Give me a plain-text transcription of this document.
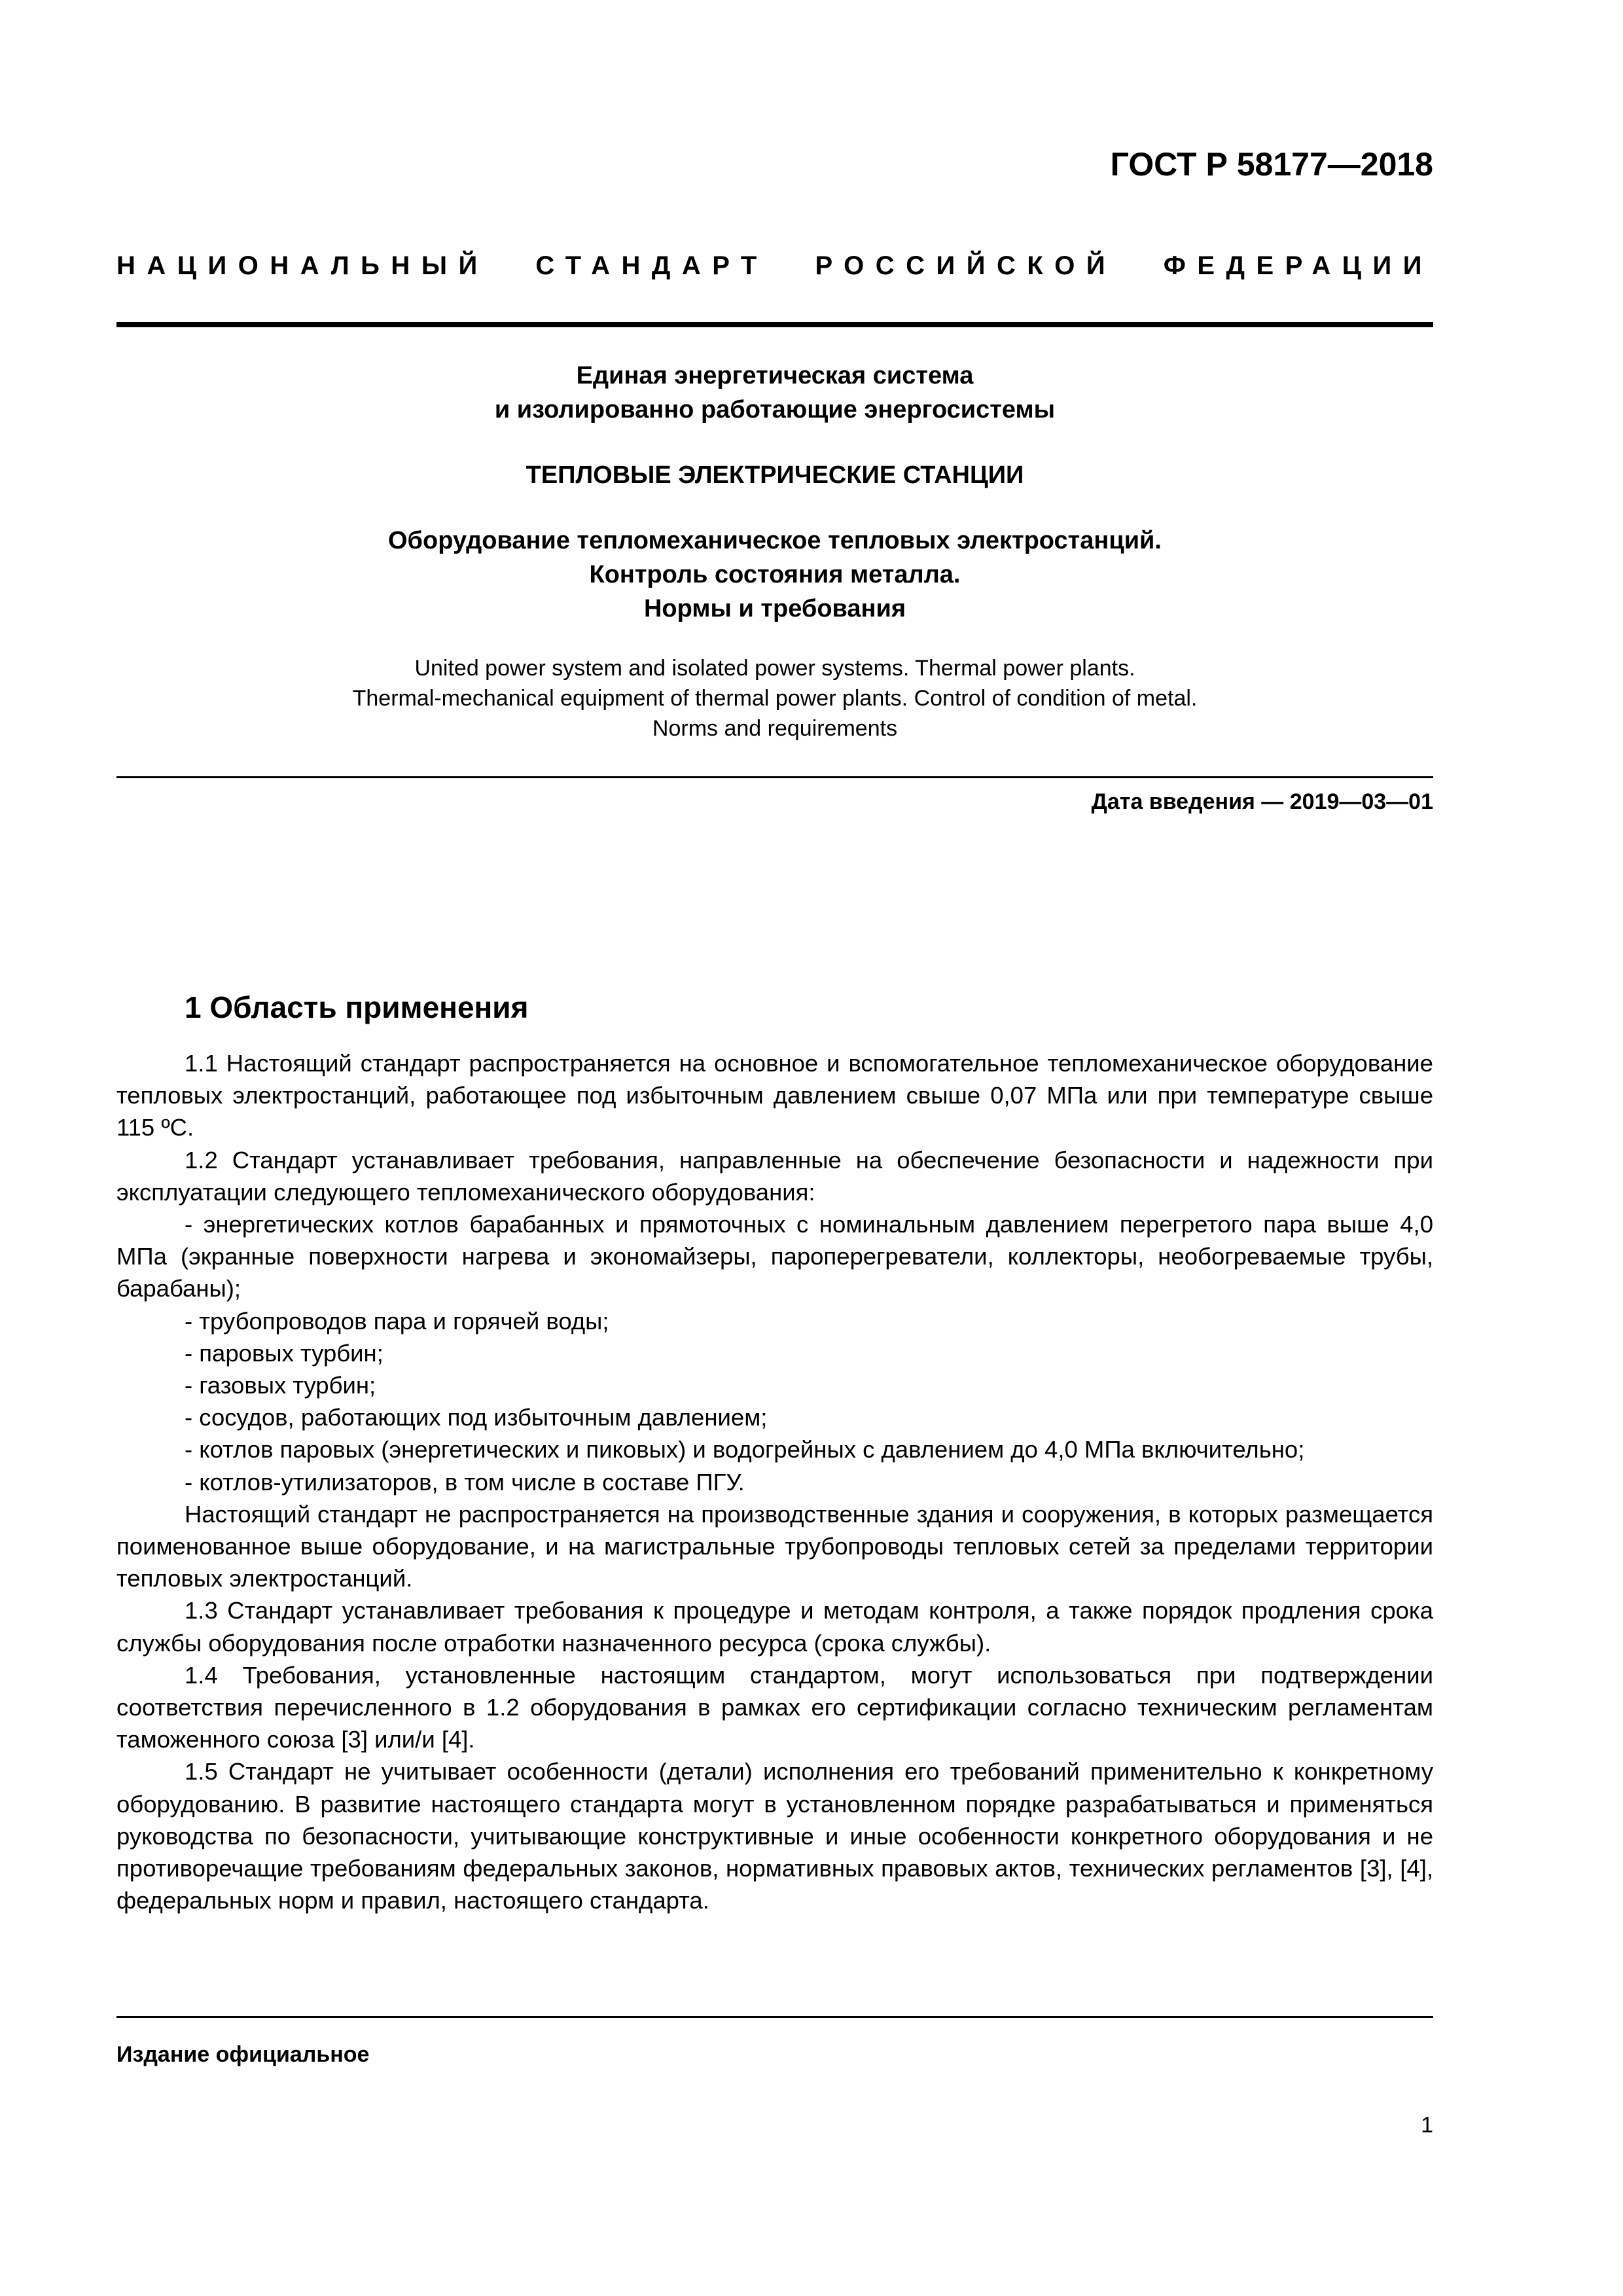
ГОСТ Р 58177—2018
НАЦИОНАЛЬНЫЙ СТАНДАРТ РОССИЙСКОЙ ФЕДЕРАЦИИ
Единая энергетическая система
и изолированно работающие энергосистемы
ТЕПЛОВЫЕ ЭЛЕКТРИЧЕСКИЕ СТАНЦИИ
Оборудование тепломеханическое тепловых электростанций.
Контроль состояния металла.
Нормы и требования
United power system and isolated power systems. Thermal power plants.
Thermal-mechanical equipment of thermal power plants. Control of condition of metal.
Norms and requirements
Дата введения — 2019—03—01
1 Область применения

1.1 Настоящий стандарт распространяется на основное и вспомогательное тепломеханическое оборудование тепловых электростанций, работающее под избыточным давлением свыше 0,07 МПа или при температуре свыше 115 ºС.

1.2 Стандарт устанавливает требования, направленные на обеспечение безопасности и надежности при эксплуатации следующего тепломеханического оборудования:

- энергетических котлов барабанных и прямоточных с номинальным давлением перегретого пара выше 4,0 МПа (экранные поверхности нагрева и экономайзеры, пароперегреватели, коллекторы, необогреваемые трубы, барабаны);

- трубопроводов пара и горячей воды;

- паровых турбин;

- газовых турбин;

- сосудов, работающих под избыточным давлением;

- котлов паровых (энергетических и пиковых) и водогрейных с давлением до 4,0 МПа включительно;

- котлов-утилизаторов, в том числе в составе ПГУ.

Настоящий стандарт не распространяется на производственные здания и сооружения, в которых размещается поименованное выше оборудование, и на магистральные трубопроводы тепловых сетей за пределами территории тепловых электростанций.

1.3 Стандарт устанавливает требования к процедуре и методам контроля, а также порядок продления срока службы оборудования после отработки назначенного ресурса (срока службы).

1.4 Требования, установленные настоящим стандартом, могут использоваться при подтверждении соответствия перечисленного в 1.2 оборудования в рамках его сертификации согласно техническим регламентам таможенного союза [3] или/и [4].

1.5 Стандарт не учитывает особенности (детали) исполнения его требований применительно к конкретному оборудованию. В развитие настоящего стандарта могут в установленном порядке разрабатываться и применяться руководства по безопасности, учитывающие конструктивные и иные особенности конкретного оборудования и не противоречащие требованиям федеральных законов, нормативных правовых актов, технических регламентов [3], [4], федеральных норм и правил, настоящего стандарта.

Издание официальное
1
